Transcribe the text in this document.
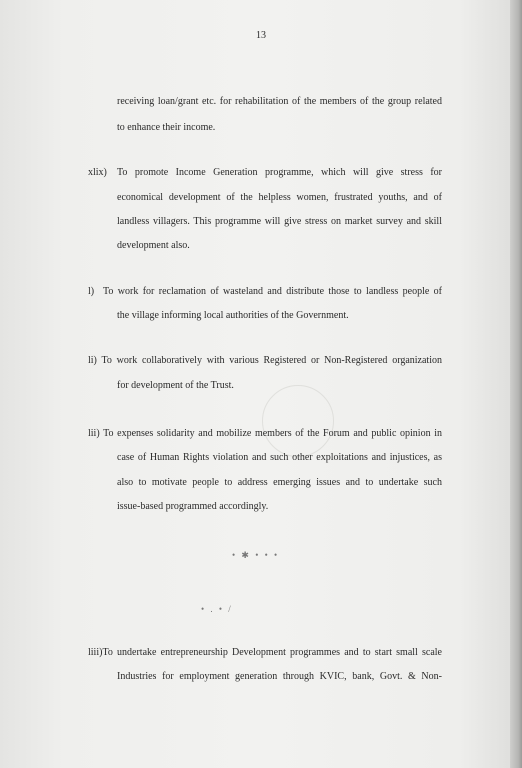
13
receiving loan/grant etc. for rehabilitation of the members of the group related
to enhance their income.
xlix) To promote Income Generation programme, which will give stress for
economical development of the helpless women, frustrated youths, and of
landless villagers. This programme will give stress on market survey and skill
development also.
l) To work for reclamation of wasteland and distribute those to landless people of
the village informing local authorities of the Government.
li) To work collaboratively with various Registered or Non-Registered organization
for development of the Trust.
lii) To expenses solidarity and mobilize members of the Forum and public opinion in
case of Human Rights violation and such other exploitations and injustices, as
also to motivate people to address emerging issues and to undertake such
issue-based programmed accordingly.
• ✱ • • •
• . • /
liii)To undertake entrepreneurship Development programmes and to start small scale
Industries for employment generation through KVIC, bank, Govt. & Non-
